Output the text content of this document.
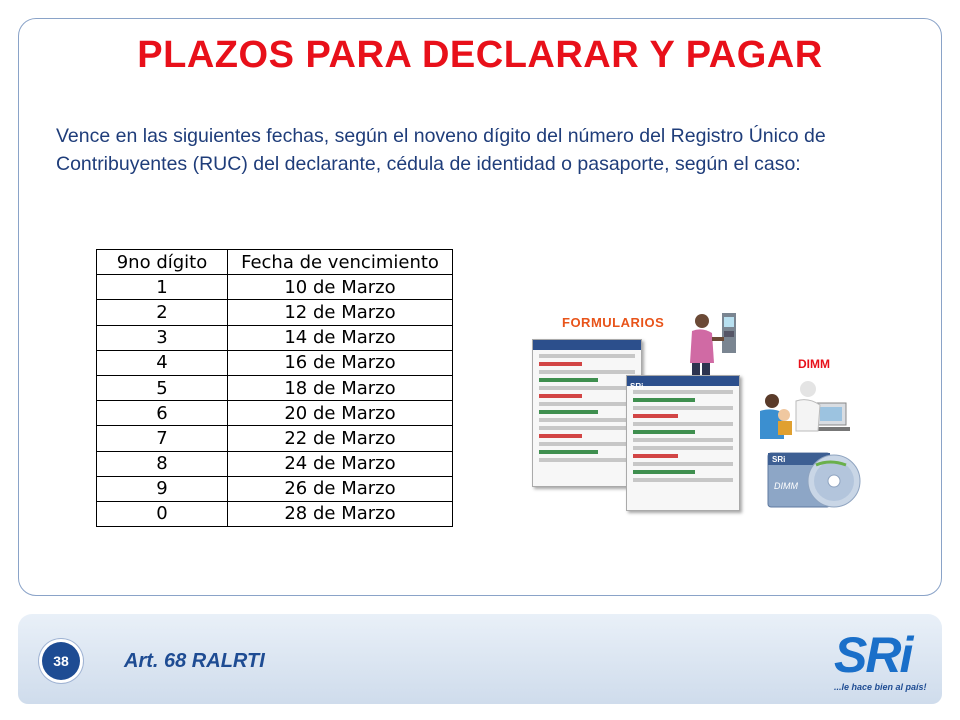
PLAZOS PARA DECLARAR Y PAGAR
Vence en las siguientes fechas, según el noveno dígito del número del Registro Único de Contribuyentes (RUC) del declarante, cédula de identidad o pasaporte, según el caso:
9no dígito	Fecha de vencimiento
1	10 de Marzo
2	12 de Marzo
3	14 de Marzo
4	16 de Marzo
5	18 de Marzo
6	20 de Marzo
7	22 de Marzo
8	24 de Marzo
9	26 de Marzo
0	28 de Marzo
FORMULARIOS
SRi
DIMM
SRi
DIMM
38	Art. 68 RALRTI	SRi
...le hace bien al país!
